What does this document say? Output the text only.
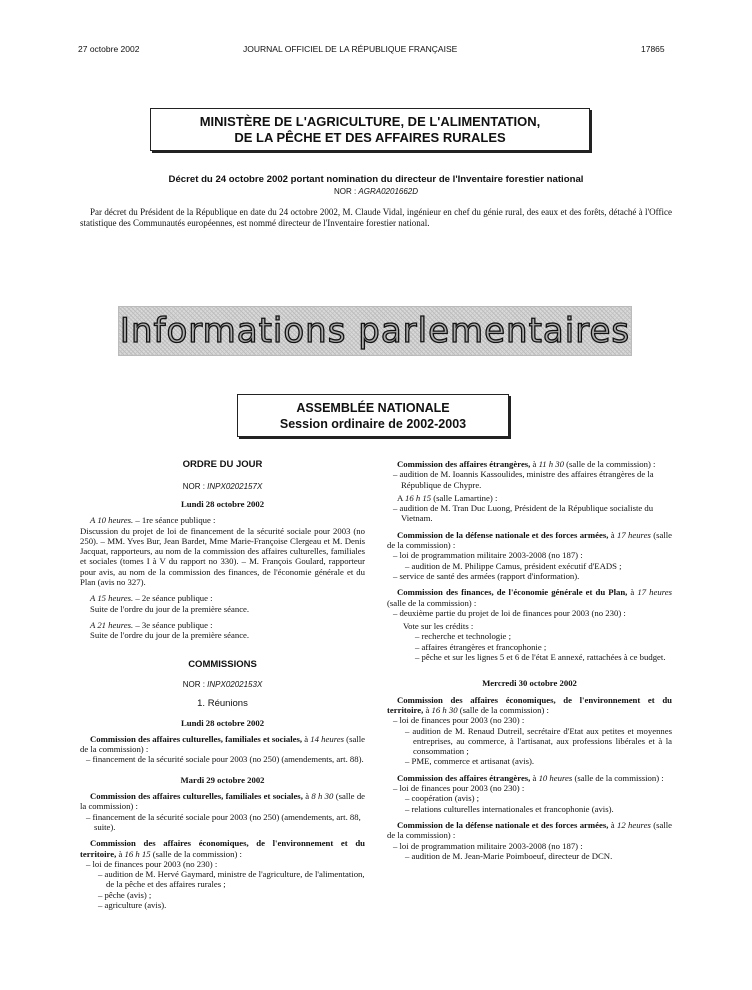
27 octobre 2002	JOURNAL OFFICIEL DE LA RÉPUBLIQUE FRANÇAISE	17865
MINISTÈRE DE L'AGRICULTURE, DE L'ALIMENTATION,
DE LA PÊCHE ET DES AFFAIRES RURALES
Décret du 24 octobre 2002 portant nomination du directeur de l'Inventaire forestier national
NOR : AGRA0201662D
Par décret du Président de la République en date du 24 octobre 2002, M. Claude Vidal, ingénieur en chef du génie rural, des eaux et des forêts, détaché à l'Office statistique des Communautés européennes, est nommé directeur de l'Inventaire forestier national.
Informations parlementaires
ASSEMBLÉE NATIONALE
Session ordinaire de 2002-2003

ORDRE DU JOUR

NOR : INPX0202157X

Lundi 28 octobre 2002

A 10 heures. – 1re séance publique :

Discussion du projet de loi de financement de la sécurité sociale pour 2003 (no 250). – MM. Yves Bur, Jean Bardet, Mme Marie-Françoise Clergeau et M. Denis Jacquat, rapporteurs, au nom de la commission des affaires culturelles, familiales et sociales (tomes I à V du rapport no 330). – M. François Goulard, rapporteur pour avis, au nom de la commission des finances, de l'économie générale et du Plan (avis no 327).

A 15 heures. – 2e séance publique :

Suite de l'ordre du jour de la première séance.

A 21 heures. – 3e séance publique :

Suite de l'ordre du jour de la première séance.

COMMISSIONS

NOR : INPX0202153X

1. Réunions

Lundi 28 octobre 2002

Commission des affaires culturelles, familiales et sociales, à 14 heures (salle de la commission) :

– financement de la sécurité sociale pour 2003 (no 250) (amendements, art. 88).

Mardi 29 octobre 2002

Commission des affaires culturelles, familiales et sociales, à 8 h 30 (salle de la commission) :

– financement de la sécurité sociale pour 2003 (no 250) (amendements, art. 88, suite).

Commission des affaires économiques, de l'environnement et du territoire, à 16 h 15 (salle de la commission) :

– loi de finances pour 2003 (no 230) :

– audition de M. Hervé Gaymard, ministre de l'agriculture, de l'alimentation, de la pêche et des affaires rurales ;

– pêche (avis) ;

– agriculture (avis).

Commission des affaires étrangères, à 11 h 30 (salle de la commission) :

– audition de M. Ioannis Kassoulides, ministre des affaires étrangères de la République de Chypre.

A 16 h 15 (salle Lamartine) :

– audition de M. Tran Duc Luong, Président de la République socialiste du Vietnam.

Commission de la défense nationale et des forces armées, à 17 heures (salle de la commission) :

– loi de programmation militaire 2003-2008 (no 187) :

– audition de M. Philippe Camus, président exécutif d'EADS ;

– service de santé des armées (rapport d'information).

Commission des finances, de l'économie générale et du Plan, à 17 heures (salle de la commission) :

– deuxième partie du projet de loi de finances pour 2003 (no 230) :

Vote sur les crédits :

– recherche et technologie ;

– affaires étrangères et francophonie ;

– pêche et sur les lignes 5 et 6 de l'état E annexé, rattachées à ce budget.

Mercredi 30 octobre 2002

Commission des affaires économiques, de l'environnement et du territoire, à 16 h 30 (salle de la commission) :

– loi de finances pour 2003 (no 230) :

– audition de M. Renaud Dutreil, secrétaire d'Etat aux petites et moyennes entreprises, au commerce, à l'artisanat, aux professions libérales et à la consommation ;

– PME, commerce et artisanat (avis).

Commission des affaires étrangères, à 10 heures (salle de la commission) :

– loi de finances pour 2003 (no 230) :

– coopération (avis) ;

– relations culturelles internationales et francophonie (avis).

Commission de la défense nationale et des forces armées, à 12 heures (salle de la commission) :

– loi de programmation militaire 2003-2008 (no 187) :

– audition de M. Jean-Marie Poimboeuf, directeur de DCN.
